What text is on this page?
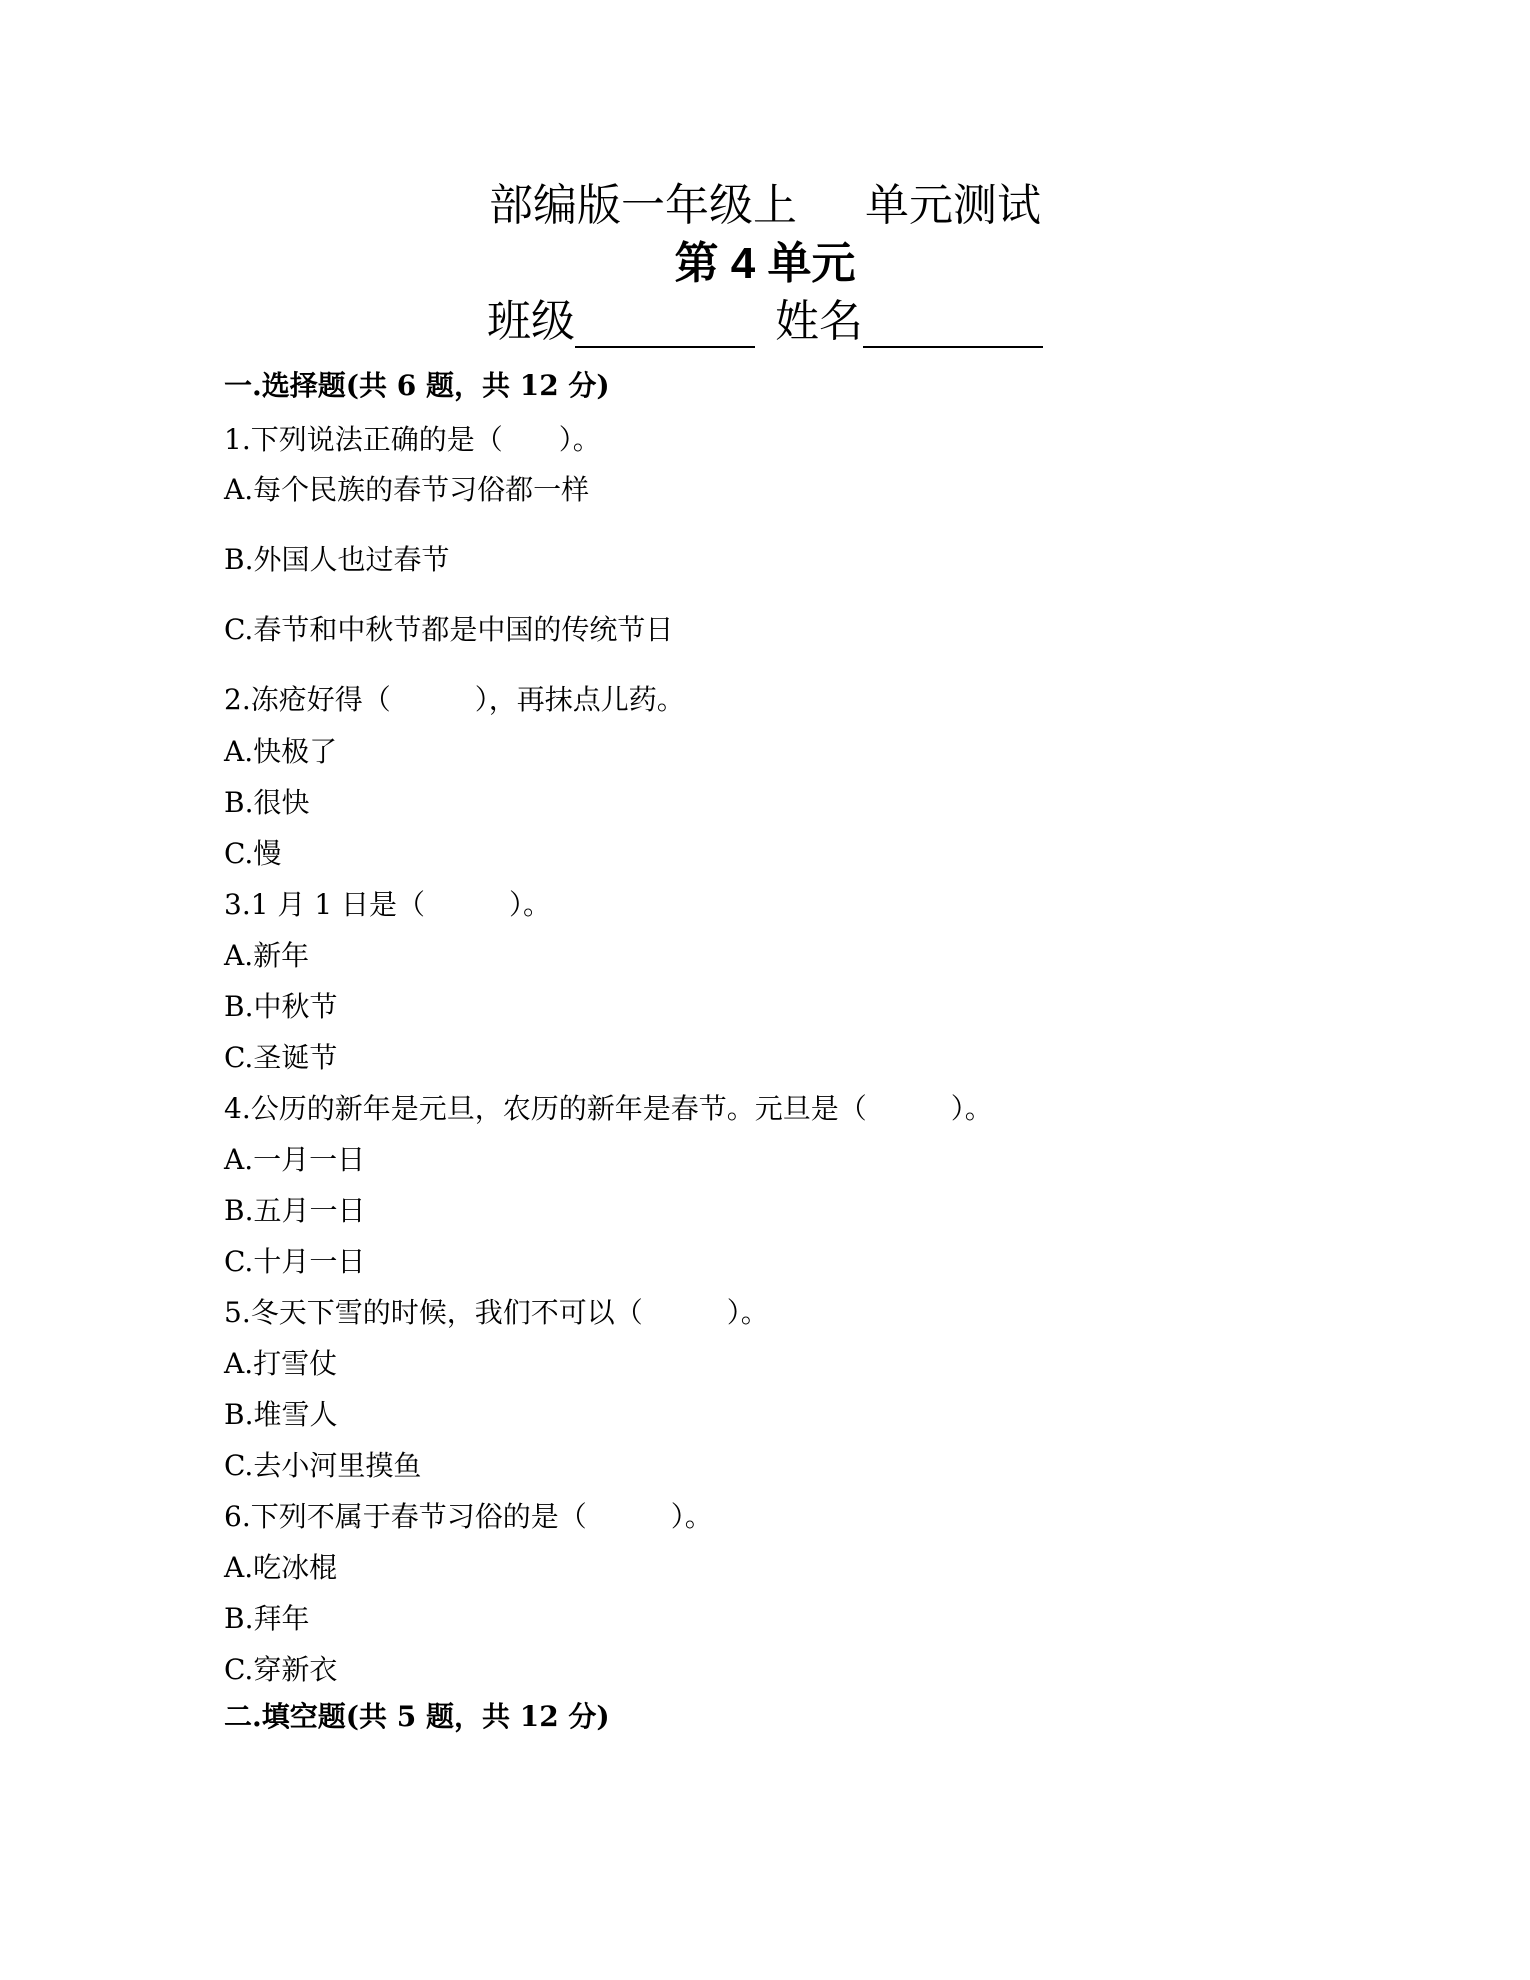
部编版一年级上 单元测试
第 4 单元
班级	姓名
一.选择题(共 6 题，共 12 分)
1.下列说法正确的是（　　）。
A.每个民族的春节习俗都一样
B.外国人也过春节
C.春节和中秋节都是中国的传统节日
2.冻疮好得（　　　），再抹点儿药。
A.快极了
B.很快
C.慢
3.1 月 1 日是（　　　）。
A.新年
B.中秋节
C.圣诞节
4.公历的新年是元旦，农历的新年是春节。元旦是（　　　）。
A.一月一日
B.五月一日
C.十月一日
5.冬天下雪的时候，我们不可以（　　　）。
A.打雪仗
B.堆雪人
C.去小河里摸鱼
6.下列不属于春节习俗的是（　　　）。
A.吃冰棍
B.拜年
C.穿新衣
二.填空题(共 5 题，共 12 分)
